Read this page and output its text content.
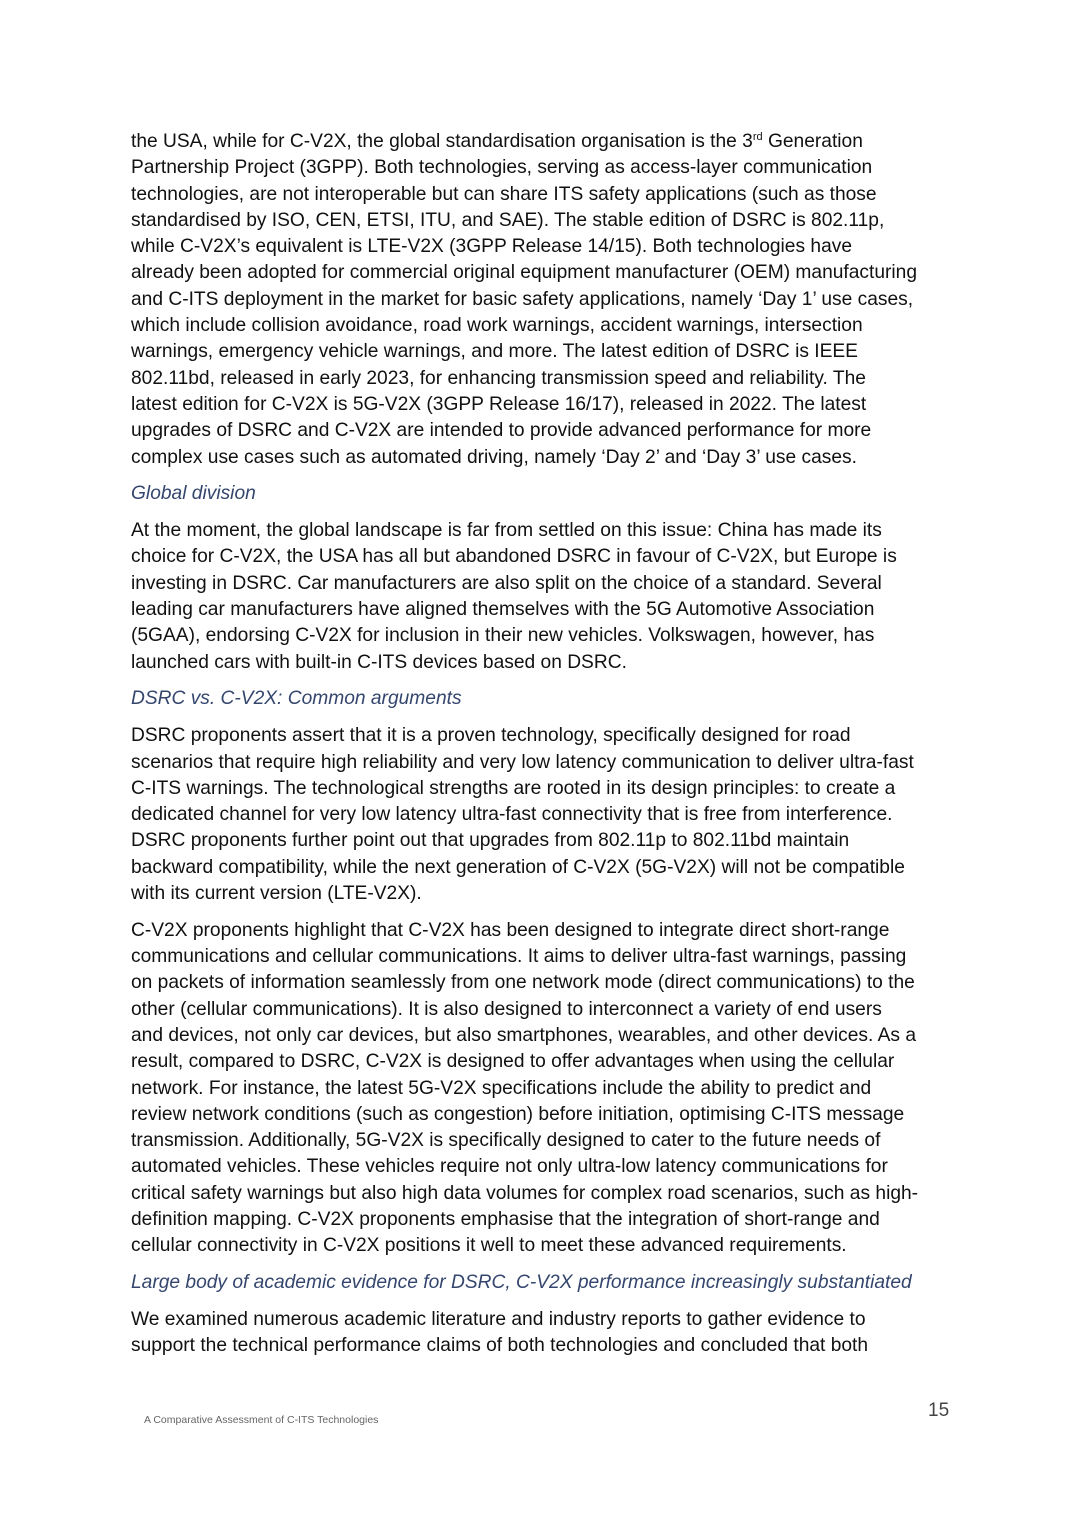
the USA, while for C-V2X, the global standardisation organisation is the 3rd Generation
Partnership Project (3GPP). Both technologies, serving as access-layer communication
technologies, are not interoperable but can share ITS safety applications (such as those
standardised by ISO, CEN, ETSI, ITU, and SAE). The stable edition of DSRC is 802.11p,
while C-V2X’s equivalent is LTE-V2X (3GPP Release 14/15). Both technologies have
already been adopted for commercial original equipment manufacturer (OEM) manufacturing
and C-ITS deployment in the market for basic safety applications, namely ‘Day 1’ use cases,
which include collision avoidance, road work warnings, accident warnings, intersection
warnings, emergency vehicle warnings, and more. The latest edition of DSRC is IEEE
802.11bd, released in early 2023, for enhancing transmission speed and reliability. The
latest edition for C-V2X is 5G-V2X (3GPP Release 16/17), released in 2022. The latest
upgrades of DSRC and C-V2X are intended to provide advanced performance for more
complex use cases such as automated driving, namely ‘Day 2’ and ‘Day 3’ use cases.
Global division
At the moment, the global landscape is far from settled on this issue: China has made its
choice for C-V2X, the USA has all but abandoned DSRC in favour of C-V2X, but Europe is
investing in DSRC. Car manufacturers are also split on the choice of a standard. Several
leading car manufacturers have aligned themselves with the 5G Automotive Association
(5GAA), endorsing C-V2X for inclusion in their new vehicles. Volkswagen, however, has
launched cars with built-in C-ITS devices based on DSRC.
DSRC vs. C-V2X: Common arguments
DSRC proponents assert that it is a proven technology, specifically designed for road
scenarios that require high reliability and very low latency communication to deliver ultra-fast
C-ITS warnings. The technological strengths are rooted in its design principles: to create a
dedicated channel for very low latency ultra-fast connectivity that is free from interference.
DSRC proponents further point out that upgrades from 802.11p to 802.11bd maintain
backward compatibility, while the next generation of C-V2X (5G-V2X) will not be compatible
with its current version (LTE-V2X).
C-V2X proponents highlight that C-V2X has been designed to integrate direct short-range
communications and cellular communications. It aims to deliver ultra-fast warnings, passing
on packets of information seamlessly from one network mode (direct communications) to the
other (cellular communications). It is also designed to interconnect a variety of end users
and devices, not only car devices, but also smartphones, wearables, and other devices. As a
result, compared to DSRC, C-V2X is designed to offer advantages when using the cellular
network. For instance, the latest 5G-V2X specifications include the ability to predict and
review network conditions (such as congestion) before initiation, optimising C-ITS message
transmission. Additionally, 5G-V2X is specifically designed to cater to the future needs of
automated vehicles. These vehicles require not only ultra-low latency communications for
critical safety warnings but also high data volumes for complex road scenarios, such as high-
definition mapping. C-V2X proponents emphasise that the integration of short-range and
cellular connectivity in C-V2X positions it well to meet these advanced requirements.
Large body of academic evidence for DSRC, C-V2X performance increasingly substantiated
We examined numerous academic literature and industry reports to gather evidence to
support the technical performance claims of both technologies and concluded that both
A Comparative Assessment of C-ITS Technologies	15
